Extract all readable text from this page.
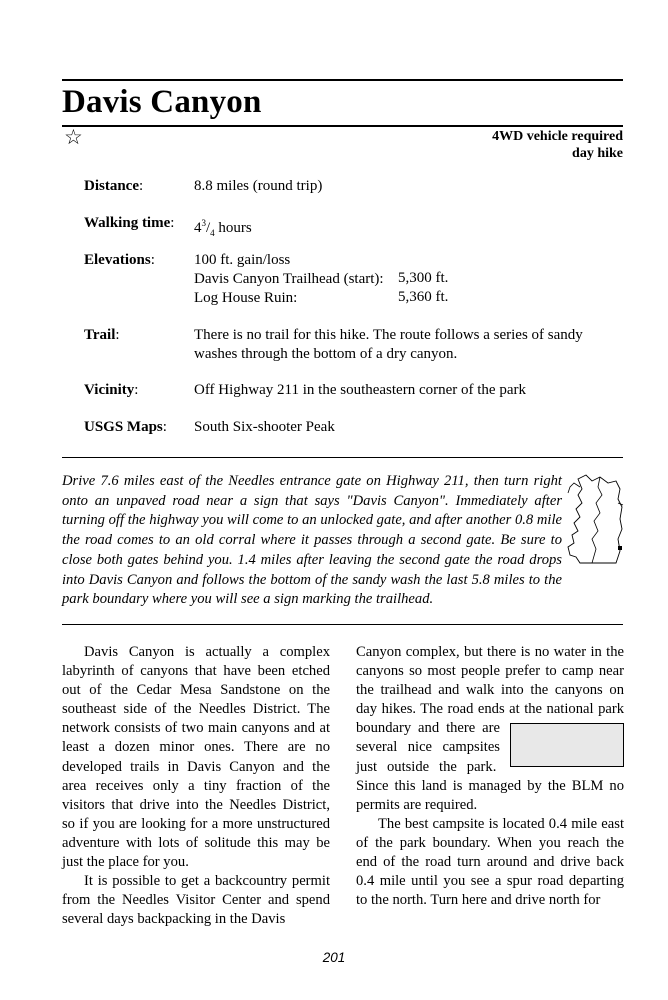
Davis Canyon
☆	4WD vehicle required
day hike
Distance:	8.8 miles (round trip)
Walking time: $4^3/_4$ hours
Elevations:	100 ft. gain/loss
Davis Canyon Trailhead (start): 5,300 ft.
Log House Ruin:	5,360 ft.
Trail:	There is no trail for this hike. The route follows a series of sandy
washes through the bottom of a dry canyon.
Vicinity:	Off Highway 211 in the southeastern corner of the park
USGS Maps: South Six-shooter Peak

Drive 7.6 miles east of the Needles entrance gate on Highway 211, then turn right onto an unpaved road near a sign that says "Davis Canyon". Immediately after turning off the highway you will come to an unlocked gate, and after another 0.8 mile the road comes to an old corral where it passes through a second gate. Be sure to close both gates behind you. 1.4 miles after leaving the second gate the road drops into Davis Canyon and follows the bottom of the sandy wash the last 5.8 miles to the park boundary where you will see a sign marking the trailhead.

Davis Canyon is actually a complex labyrinth of canyons that have been etched out of the Cedar Mesa Sandstone on the southeast side of the Needles District. The network consists of two main canyons and at least a dozen minor ones. There are no developed trails in Davis Canyon and the area receives only a tiny fraction of the visitors that drive into the Needles District, so if you are looking for a more unstructured adventure with lots of solitude this may be just the place for you.

It is possible to get a backcountry permit from the Needles Visitor Center and spend several days backpacking in the Davis

Canyon complex, but there is no water in the canyons so most people prefer to camp near the trailhead and walk into the canyons on day hikes. The road ends at the national
park boundary and there are several nice campsites just outside the park.  Since this land is managed by the BLM no permits are required.

The best campsite is located 0.4 mile east of the park boundary. When you reach the end of the road turn around and drive back 0.4 mile until you see a spur road departing to the north. Turn here and drive north for

201
